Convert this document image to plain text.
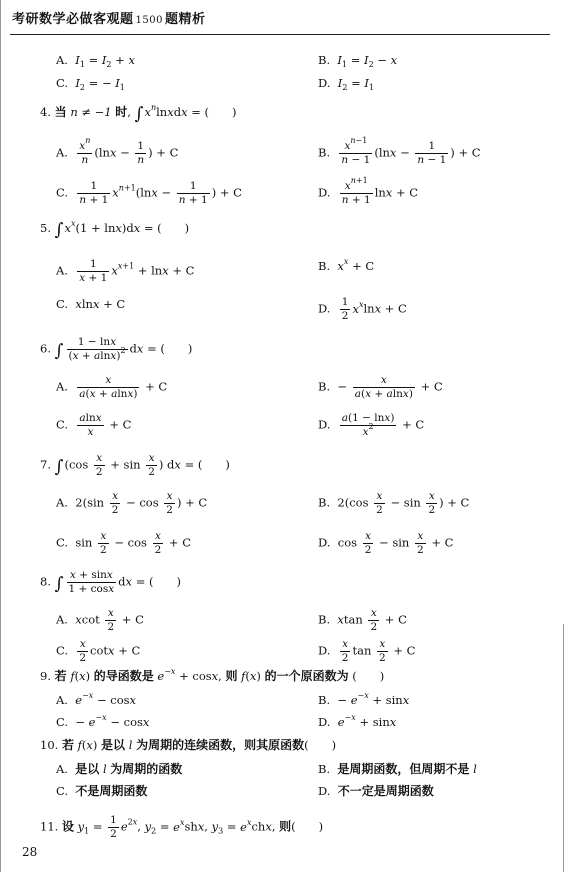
考研数学必做客观题 1500 题精析
A. $I_1 = I_2 + x$	B. $I_1 = I_2 - x$
C. $I_2$ = − $I_1$	D. $I_2 = I_1$
4. 当 n ≠ −1 时, $\int x^nlnxdx$ = (　　)
A. $\frac{x^n}{n} (\ln x - \frac{1}{n}$ ) + C	B. $\frac{x^{n-1}}{n - 1} (\ln x - \frac{1}{n - 1}$ ) + C
C. $\frac{1}{n + 1} x^{n+1}(\ln x - \frac{1}{n + 1}$ ) + C	D. $\frac{x^{n+1}}{n + 1}$ lnx + C
5. $\int x^x(1 + \ln x)dx$ = (　　)
A. $\frac{1}{x + 1} x^{x+1} + \ln x + C$	B.  $x^x + C$
C.  xlnx + C	D. $\frac{1}{2} x^x\ln x + C$
6. ∫ $\frac{1 - \ln x}{(x + alnx)^2}$ dx = (　　)
A. $\frac{x}{a(x + alnx)} + C$	B.  − $\frac{x}{a(x + alnx)} + C$
C. $\frac{alnx}{x} + C$	D. $\frac{a(1 - \ln x)}{x^2} + C$
7. $\int(\cos \frac{x}{2} + \sin \frac{x}{2}$ ) dx = (　　)
A.  $2(\sin \frac{x}{2} - \cos \frac{x}{2}$ ) + C	B.  $2(\cos \frac{x}{2} - \sin \frac{x}{2}$ ) + C
C.  $\sin \frac{x}{2} - \cos \frac{x}{2} + C$	D.  $\cos \frac{x}{2} - \sin \frac{x}{2} + C$
8. ∫ $\frac{x + \sin x}{1 + \cos x}$ dx = (　　)
A.  xcot $\frac{x}{2} + C$	B.  xtan $\frac{x}{2} + C$
C. $\frac{x}{2}$ cotx + C	D. $\frac{x}{2}$ $\tan \frac{x}{2} + C$
9. 若 f(x) 的导函数是 $e^{-x} + \cos x$, 则 f(x) 的一个原函数为 (　　)
A.  $e^{-x} - \cos x$	B.  − $e^{-x} + \sin x$
C.  − $e^{-x} - \cos x$	D.  $e^{-x} + \sin x$
10. 若 f(x) 是以 l 为周期的连续函数，则其原函数(　　)
A.  是以 l 为周期的函数	B.  是周期函数，但周期不是 l
C.  不是周期函数	D.  不一定是周期函数
11. 设 $y_1 = \frac{1}{2} e^{2x}$, $y_2 = e^xshx$, $y_3 = e^xchx$, 则(　　)
28
